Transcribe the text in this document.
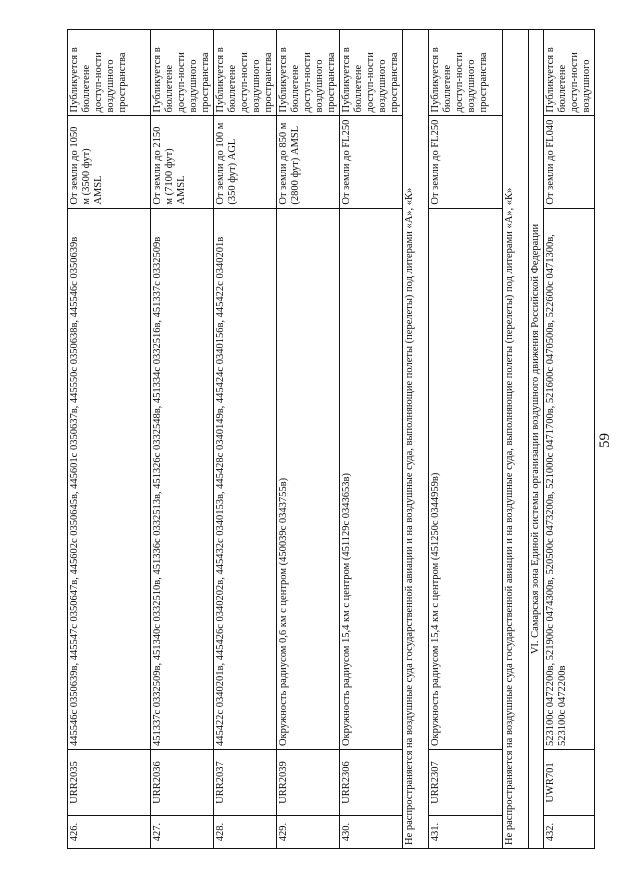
59
426.	URR2035	445546с 0350639в, 445547с 0350647в, 445602с 0350645в, 445601с 0350637в, 445550с 0350638в, 445546с 0350639в	От земли до 1050 м (3500 фут) AMSL	Публикуется в бюллетене доступ-ности воздушного пространства
427.	URR2036	451337с 0332509в, 451340с 0332510в, 451336с 0332513в, 451326с 0332548в, 451334с 0332516в, 451337с 0332509в	От земли до 2150 м (7100 фут) AMSL	Публикуется в бюллетене доступ-ности воздушного пространства
428.	URR2037	445422с 0340201в, 445426с 0340202в, 445432с 0340153в, 445428с 0340149в, 445424с 0340156в, 445422с 0340201в	От земли до 100 м (350 фут) AGL	Публикуется в бюллетене доступ-ности воздушного пространства
429.	URR2039	Окружность радиусом 0,6 км с центром (450039с 0343755в)	От земли до 850 м (2800 фут) AMSL	Публикуется в бюллетене доступ-ности воздушного пространства
430.	URR2306	Окружность радиусом 15,4 км с центром (451129с 0343653в)	От земли до FL250	Публикуется в бюллетене доступ-ности воздушного пространства
Не распространяется на воздушные суда государственной авиации и на воздушные суда, выполняющие полеты (перелеты) под литерами «А», «К»				
431.	URR2307	Окружность радиусом 15,4 км с центром (451250с 0344959в)	От земли до FL250	Публикуется в бюллетене доступ-ности воздушного пространства
Не распространяется на воздушные суда государственной авиации и на воздушные суда, выполняющие полеты (перелеты) под литерами «А», «К»				
VI. Самарская зона Единой системы организации воздушного движения Российской Федерации				
432.	UWR701	523100с 0472200в, 521900с 0474300в, 520500с 0473200в, 521000с 0471700в, 521600с 0470500в, 522600с 0471300в, 523100с 0472200в	От земли до FL040	Публикуется в бюллетене доступ-ности воздушного
